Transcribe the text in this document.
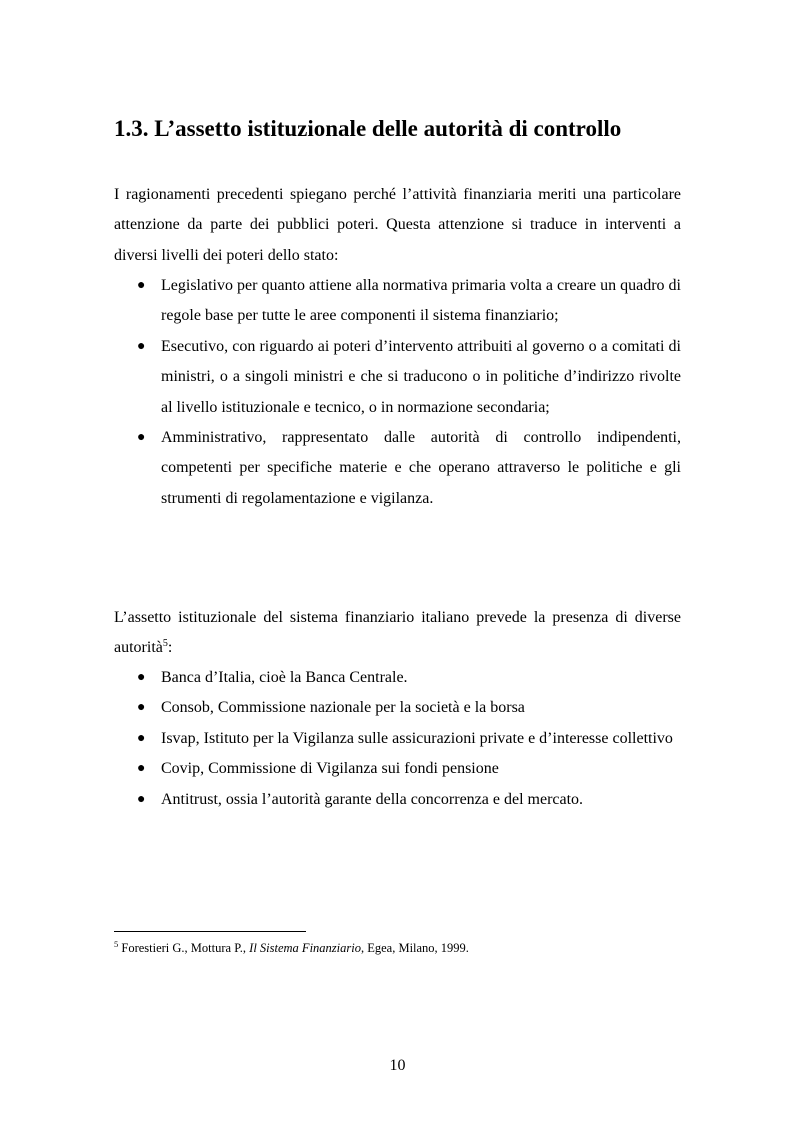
1.3. L’assetto istituzionale delle autorità di controllo

I ragionamenti precedenti spiegano perché l’attività finanziaria meriti una particolare attenzione da parte dei pubblici poteri. Questa attenzione si traduce in interventi a diversi livelli dei poteri dello stato:

● Legislativo per quanto attiene alla normativa primaria volta a creare un quadro di regole base per tutte le aree componenti il sistema finanziario;
● Esecutivo, con riguardo ai poteri d’intervento attribuiti al governo o a comitati di ministri, o a singoli ministri e che si traducono o in politiche d’indirizzo rivolte al livello istituzionale e tecnico, o in normazione secondaria;
● Amministrativo, rappresentato dalle autorità di controllo indipendenti, competenti per specifiche materie e che operano attraverso le politiche e gli strumenti di regolamentazione e vigilanza.

L’assetto istituzionale del sistema finanziario italiano prevede la presenza di diverse autorità$^5$:

● Banca d’Italia, cioè la Banca Centrale.
● Consob, Commissione nazionale per la società e la borsa
● Isvap, Istituto per la Vigilanza sulle assicurazioni private e d’interesse collettivo
● Covip, Commissione di Vigilanza sui fondi pensione
● Antitrust, ossia l’autorità garante della concorrenza e del mercato.

$^5$ Forestieri G., Mottura P., Il Sistema Finanziario, Egea, Milano, 1999.

10
